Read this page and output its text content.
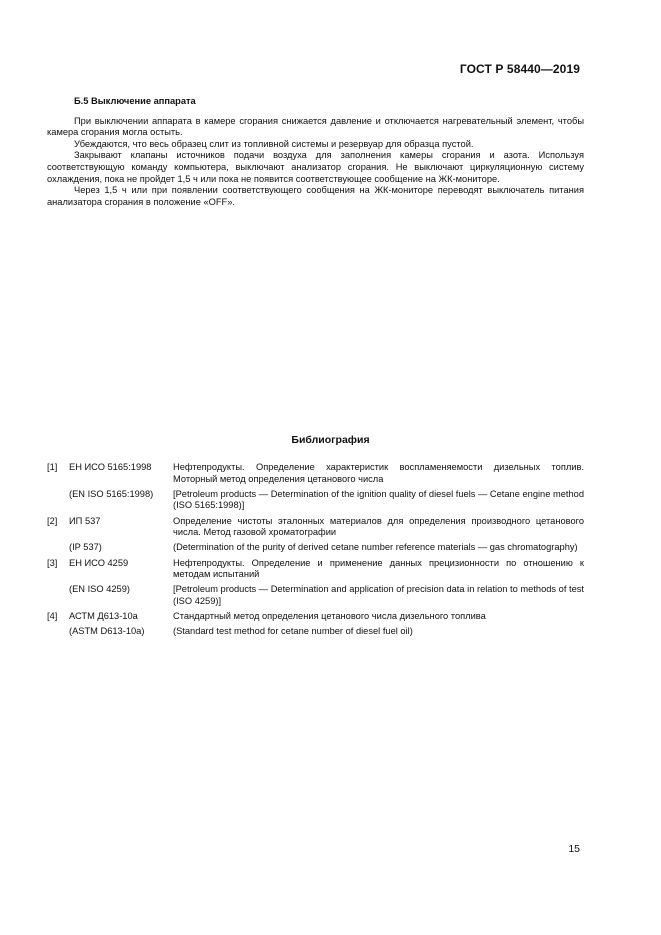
ГОСТ Р 58440—2019
Б.5 Выключение аппарата

При выключении аппарата в камере сгорания снижается давление и отключается нагревательный элемент, чтобы камера сгорания могла остыть.

Убеждаются, что весь образец слит из топливной системы и резервуар для образца пустой.

Закрывают клапаны источников подачи воздуха для заполнения камеры сгорания и азота. Используя соответствующую команду компьютера, выключают анализатор сгорания. Не выключают циркуляционную систему охлаждения, пока не пройдет 1,5 ч или пока не появится соответствующее сообщение на ЖК-мониторе.

Через 1,5 ч или при появлении соответствующего сообщения на ЖК-мониторе переводят выключатель питания анализатора сгорания в положение «OFF».

Библиография
[1]	ЕН ИСО 5165:1998	Нефтепродукты. Определение характеристик воспламеняемости дизельных топлив. Моторный метод определения цетанового числа
(EN ISO 5165:1998)	[Petroleum products — Determination of the ignition quality of diesel fuels — Cetane engine method (ISO 5165:1998)]
[2]	ИП 537	Определение чистоты эталонных материалов для определения производного цетанового числа. Метод газовой хроматографии
(IP 537)	(Determination of the purity of derived cetane number reference materials — gas chromatography)
[3]	ЕН ИСО 4259	Нефтепродукты. Определение и применение данных прецизионности по отношению к методам испытаний
(EN ISO 4259)	[Petroleum products — Determination and application of precision data in relation to methods of test (ISO 4259)]
[4]	АСТМ Д613-10а	Стандартный метод определения цетанового числа дизельного топлива
(ASTM D613-10a)	(Standard test method for cetane number of diesel fuel oil)
15
